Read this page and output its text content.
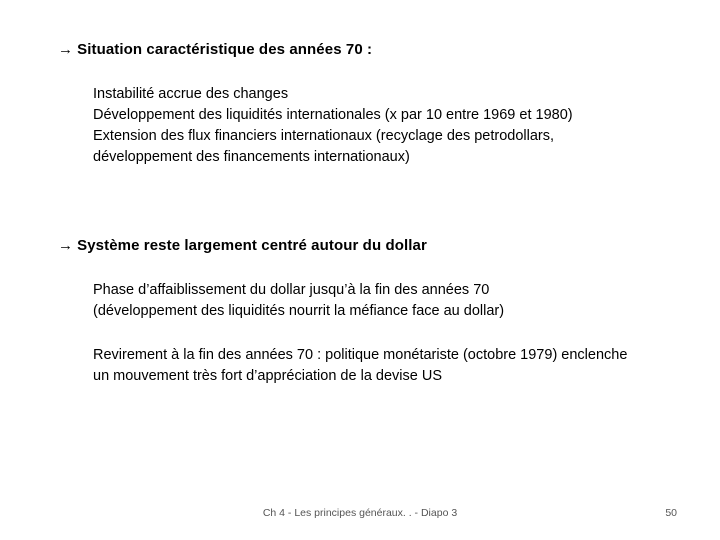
→ Situation caractéristique des années 70 :

Instabilité accrue des changes

Développement des liquidités internationales (x par 10 entre 1969 et 1980)

Extension des flux financiers internationaux (recyclage des petrodollars, développement des financements internationaux)

→ Système reste largement centré autour du dollar

Phase d’affaiblissement du dollar jusqu’à la fin des années 70 (développement des liquidités nourrit la méfiance face au dollar)

Revirement à la fin des années 70 : politique monétariste (octobre 1979) enclenche un mouvement très fort d’appréciation de la devise US

Ch 4 - Les principes généraux. . - Diapo 3	50
